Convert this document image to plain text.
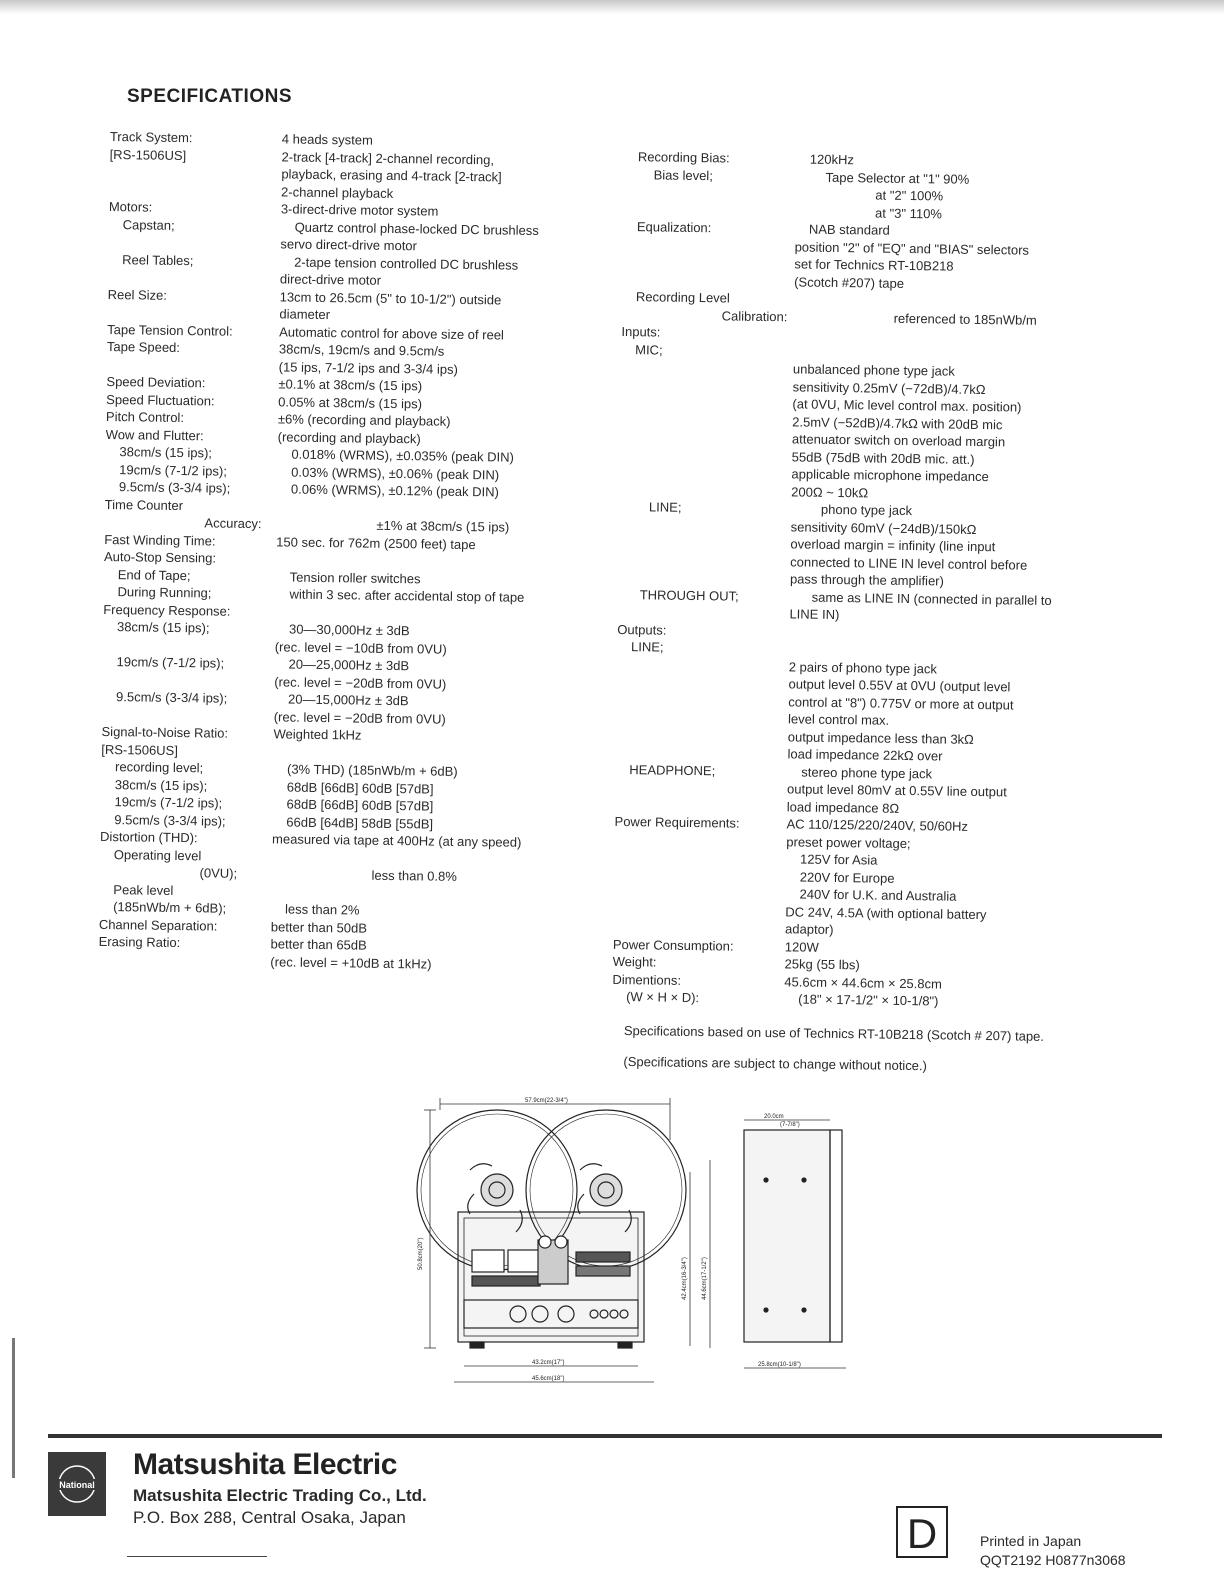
SPECIFICATIONS
Track System:	4 heads system
[RS-1506US]	2-track [4-track] 2-channel recording,
playback, erasing and 4-track [2-track]
2-channel playback
Motors:	3-direct-drive motor system
Capstan;	Quartz control phase-locked DC brushless
servo direct-drive motor
Reel Tables;	2-tape tension controlled DC brushless
direct-drive motor
Reel Size:	13cm to 26.5cm (5" to 10-1/2") outside
diameter
Tape Tension Control:	Automatic control for above size of reel
Tape Speed:	38cm/s, 19cm/s and 9.5cm/s
(15 ips, 7-1/2 ips and 3-3/4 ips)
Speed Deviation:	±0.1% at 38cm/s (15 ips)
Speed Fluctuation:	0.05% at 38cm/s (15 ips)
Pitch Control:	±6% (recording and playback)
Wow and Flutter:	(recording and playback)
38cm/s (15 ips);	0.018% (WRMS), ±0.035% (peak DIN)
19cm/s (7-1/2 ips);	0.03% (WRMS), ±0.06% (peak DIN)
9.5cm/s (3-3/4 ips);	0.06% (WRMS), ±0.12% (peak DIN)
Time Counter
Accuracy:	±1% at 38cm/s (15 ips)
Fast Winding Time:	150 sec. for 762m (2500 feet) tape
Auto-Stop Sensing:
End of Tape;	Tension roller switches
During Running;	within 3 sec. after accidental stop of tape
Frequency Response:
38cm/s (15 ips);	30—30,000Hz ± 3dB
(rec. level = −10dB from 0VU)
19cm/s (7-1/2 ips);	20—25,000Hz ± 3dB
(rec. level = −20dB from 0VU)
9.5cm/s (3-3/4 ips);	20—15,000Hz ± 3dB
(rec. level = −20dB from 0VU)
Signal-to-Noise Ratio:	Weighted 1kHz
[RS-1506US]
recording level;	(3% THD) (185nWb/m + 6dB)
38cm/s (15 ips);	68dB [66dB] 60dB [57dB]
19cm/s (7-1/2 ips);	68dB [66dB] 60dB [57dB]
9.5cm/s (3-3/4 ips);	66dB [64dB] 58dB [55dB]
Distortion (THD):	measured via tape at 400Hz (at any speed)
Operating level
(0VU);	less than 0.8%
Peak level
(185nWb/m + 6dB);	less than 2%
Channel Separation:	better than 50dB
Erasing Ratio:	better than 65dB
(rec. level = +10dB at 1kHz)
Recording Bias:	120kHz
Bias level;	Tape Selector at "1" 90%
at "2" 100%
at "3" 110%
Equalization:	NAB standard
position "2" of "EQ" and "BIAS" selectors
set for Technics RT-10B218
(Scotch #207) tape
Recording Level
Calibration:	referenced to 185nWb/m
Inputs:
MIC;
unbalanced phone type jack
sensitivity 0.25mV (−72dB)/4.7kΩ
(at 0VU, Mic level control max. position)
2.5mV (−52dB)/4.7kΩ with 20dB mic
attenuator switch on overload margin
55dB (75dB with 20dB mic. att.)
applicable microphone impedance
200Ω ~ 10kΩ
LINE;	phono type jack
sensitivity 60mV (−24dB)/150kΩ
overload margin = infinity (line input
connected to LINE IN level control before
pass through the amplifier)
THROUGH OUT;	same as LINE IN (connected in parallel to
LINE IN)
Outputs:
LINE;
2 pairs of phono type jack
output level 0.55V at 0VU (output level
control at "8") 0.775V or more at output
level control max.
output impedance less than 3kΩ
load impedance 22kΩ over
HEADPHONE;	stereo phone type jack
output level 80mV at 0.55V line output
load impedance 8Ω
Power Requirements:	AC 110/125/220/240V, 50/60Hz
preset power voltage;
125V for Asia
220V for Europe
240V for U.K. and Australia
DC 24V, 4.5A (with optional battery
adaptor)
Power Consumption:	120W
Weight:	25kg (55 lbs)
Dimentions:	45.6cm × 44.6cm × 25.8cm
(W × H × D):	(18" × 17-1/2" × 10-1/8")
Specifications based on use of Technics RT-10B218 (Scotch # 207) tape.
(Specifications are subject to change without notice.)
57.9cm(22-3/4")
20.0cm
(7-7/8")
50.8cm(20")
42.4cm(16-3/4") 44.6cm(17-1/2")
43.2cm(17")
45.6cm(18")
25.8cm(10-1/8")
National
Matsushita Electric
Matsushita Electric Trading Co., Ltd.
P.O. Box 288, Central Osaka, Japan	D	Printed in Japan
QQT2192 H0877n3068
